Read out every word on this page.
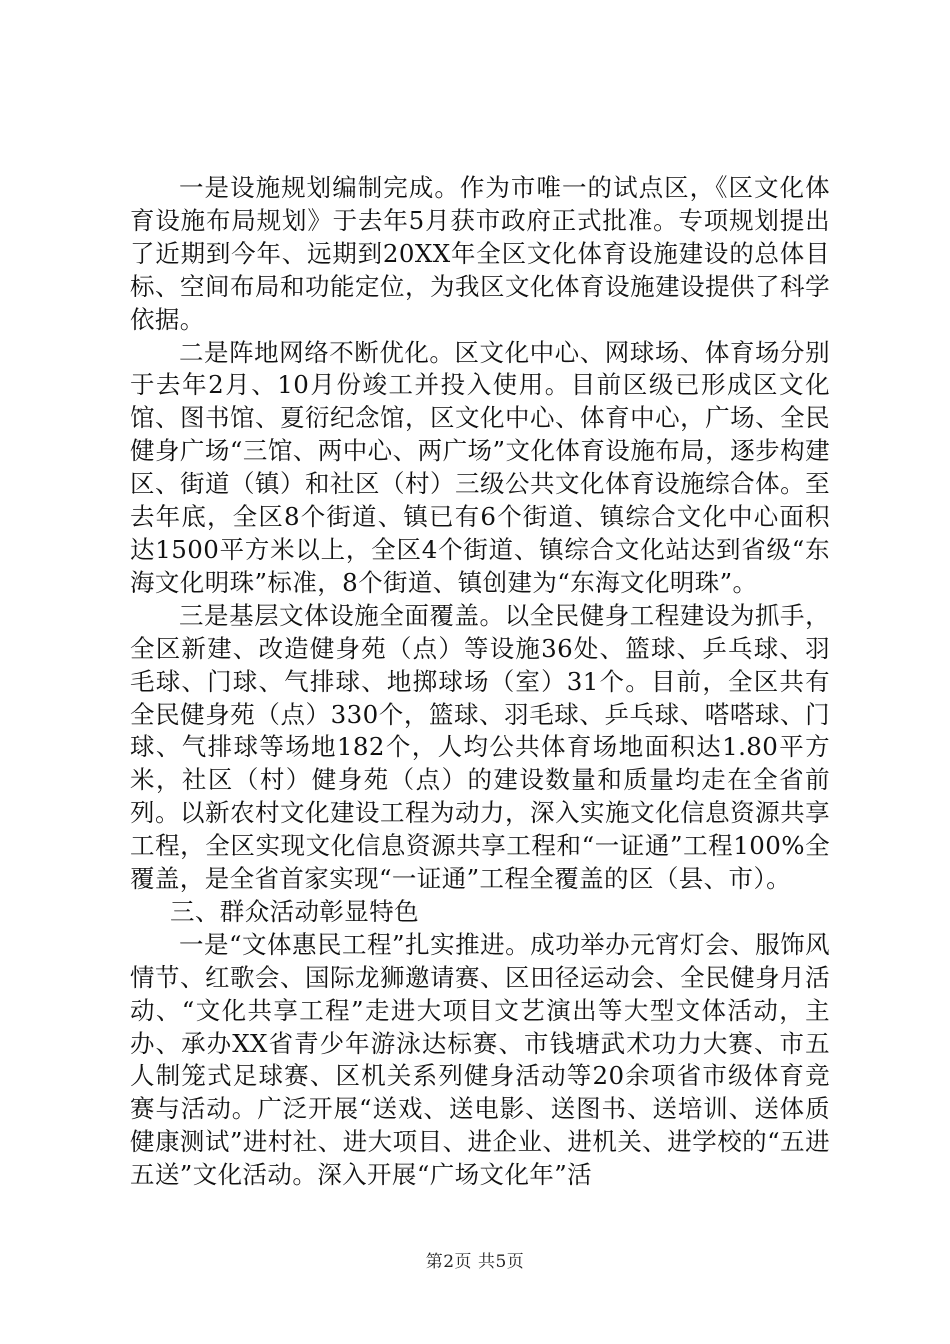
一是设施规划编制完成。作为市唯一的试点区，《区文化体育设施布局规划》于去年5月获市政府正式批准。专项规划提出了近期到今年、远期到20XX年全区文化体育设施建设的总体目标、空间布局和功能定位，为我区文化体育设施建设提供了科学依据。

二是阵地网络不断优化。区文化中心、网球场、体育场分别于去年2月、10月份竣工并投入使用。目前区级已形成区文化馆、图书馆、夏衍纪念馆，区文化中心、体育中心，广场、全民健身广场“三馆、两中心、两广场”文化体育设施布局，逐步构建区、街道（镇）和社区（村）三级公共文化体育设施综合体。至去年底，全区8个街道、镇已有6个街道、镇综合文化中心面积达1500平方米以上，全区4个街道、镇综合文化站达到省级“东海文化明珠”标准，8个街道、镇创建为“东海文化明珠”。

三是基层文体设施全面覆盖。以全民健身工程建设为抓手，全区新建、改造健身苑（点）等设施36处、篮球、乒乓球、羽毛球、门球、气排球、地掷球场（室）31个。目前，全区共有全民健身苑（点）330个，篮球、羽毛球、乒乓球、嗒嗒球、门球、气排球等场地182个，人均公共体育场地面积达1.80平方米，社区（村）健身苑（点）的建设数量和质量均走在全省前列。以新农村文化建设工程为动力，深入实施文化信息资源共享工程，全区实现文化信息资源共享工程和“一证通”工程100%全覆盖，是全省首家实现“一证通”工程全覆盖的区（县、市）。

三、群众活动彰显特色

一是“文体惠民工程”扎实推进。成功举办元宵灯会、服饰风情节、红歌会、国际龙狮邀请赛、区田径运动会、全民健身月活动、“文化共享工程”走进大项目文艺演出等大型文体活动，主办、承办XX省青少年游泳达标赛、市钱塘武术功力大赛、市五人制笼式足球赛、区机关系列健身活动等20余项省市级体育竞赛与活动。广泛开展“送戏、送电影、送图书、送培训、送体质健康测试”进村社、进大项目、进企业、进机关、进学校的“五进五送”文化活动。深入开展“广场文化年”活

第2页 共5页
